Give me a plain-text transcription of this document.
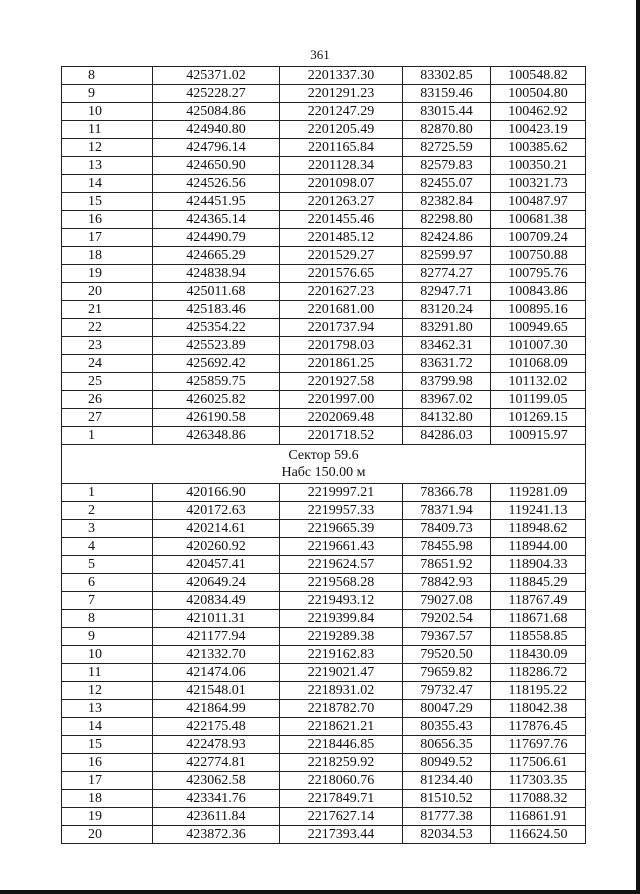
361
8	425371.02	2201337.30	83302.85	100548.82
9	425228.27	2201291.23	83159.46	100504.80
10	425084.86	2201247.29	83015.44	100462.92
11	424940.80	2201205.49	82870.80	100423.19
12	424796.14	2201165.84	82725.59	100385.62
13	424650.90	2201128.34	82579.83	100350.21
14	424526.56	2201098.07	82455.07	100321.73
15	424451.95	2201263.27	82382.84	100487.97
16	424365.14	2201455.46	82298.80	100681.38
17	424490.79	2201485.12	82424.86	100709.24
18	424665.29	2201529.27	82599.97	100750.88
19	424838.94	2201576.65	82774.27	100795.76
20	425011.68	2201627.23	82947.71	100843.86
21	425183.46	2201681.00	83120.24	100895.16
22	425354.22	2201737.94	83291.80	100949.65
23	425523.89	2201798.03	83462.31	101007.30
24	425692.42	2201861.25	83631.72	101068.09
25	425859.75	2201927.58	83799.98	101132.02
26	426025.82	2201997.00	83967.02	101199.05
27	426190.58	2202069.48	84132.80	101269.15
1	426348.86	2201718.52	84286.03	100915.97

Сектор 59.6
Набс 150.00 м				

1	420166.90	2219997.21	78366.78	119281.09
2	420172.63	2219957.33	78371.94	119241.13
3	420214.61	2219665.39	78409.73	118948.62
4	420260.92	2219661.43	78455.98	118944.00
5	420457.41	2219624.57	78651.92	118904.33
6	420649.24	2219568.28	78842.93	118845.29
7	420834.49	2219493.12	79027.08	118767.49
8	421011.31	2219399.84	79202.54	118671.68
9	421177.94	2219289.38	79367.57	118558.85
10	421332.70	2219162.83	79520.50	118430.09
11	421474.06	2219021.47	79659.82	118286.72
12	421548.01	2218931.02	79732.47	118195.22
13	421864.99	2218782.70	80047.29	118042.38
14	422175.48	2218621.21	80355.43	117876.45
15	422478.93	2218446.85	80656.35	117697.76
16	422774.81	2218259.92	80949.52	117506.61
17	423062.58	2218060.76	81234.40	117303.35
18	423341.76	2217849.71	81510.52	117088.32
19	423611.84	2217627.14	81777.38	116861.91
20	423872.36	2217393.44	82034.53	116624.50
